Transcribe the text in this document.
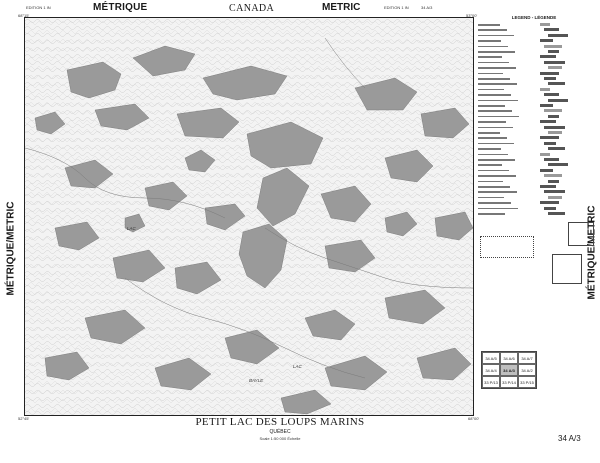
EDITION 1 IN	MÉTRIQUE	CANADA	METRIC	EDITION 1 IN	34 A/3
MÉTRIQUE/METRIC	MÉTRIQUE/METRIC
LAC
LAC
BAYLE
68°15'	53°00'
68°00'
52°45'
LEGEND - LÉGENDE
34 A/5	34 A/6	34 A/7
34 A/4	34 A/3	34 A/2
33 P/13	33 P/14	33 P/15
PETIT LAC DES LOUPS MARINS
QUÉBEC
Scale 1:50 000 Échelle	34 A/3
